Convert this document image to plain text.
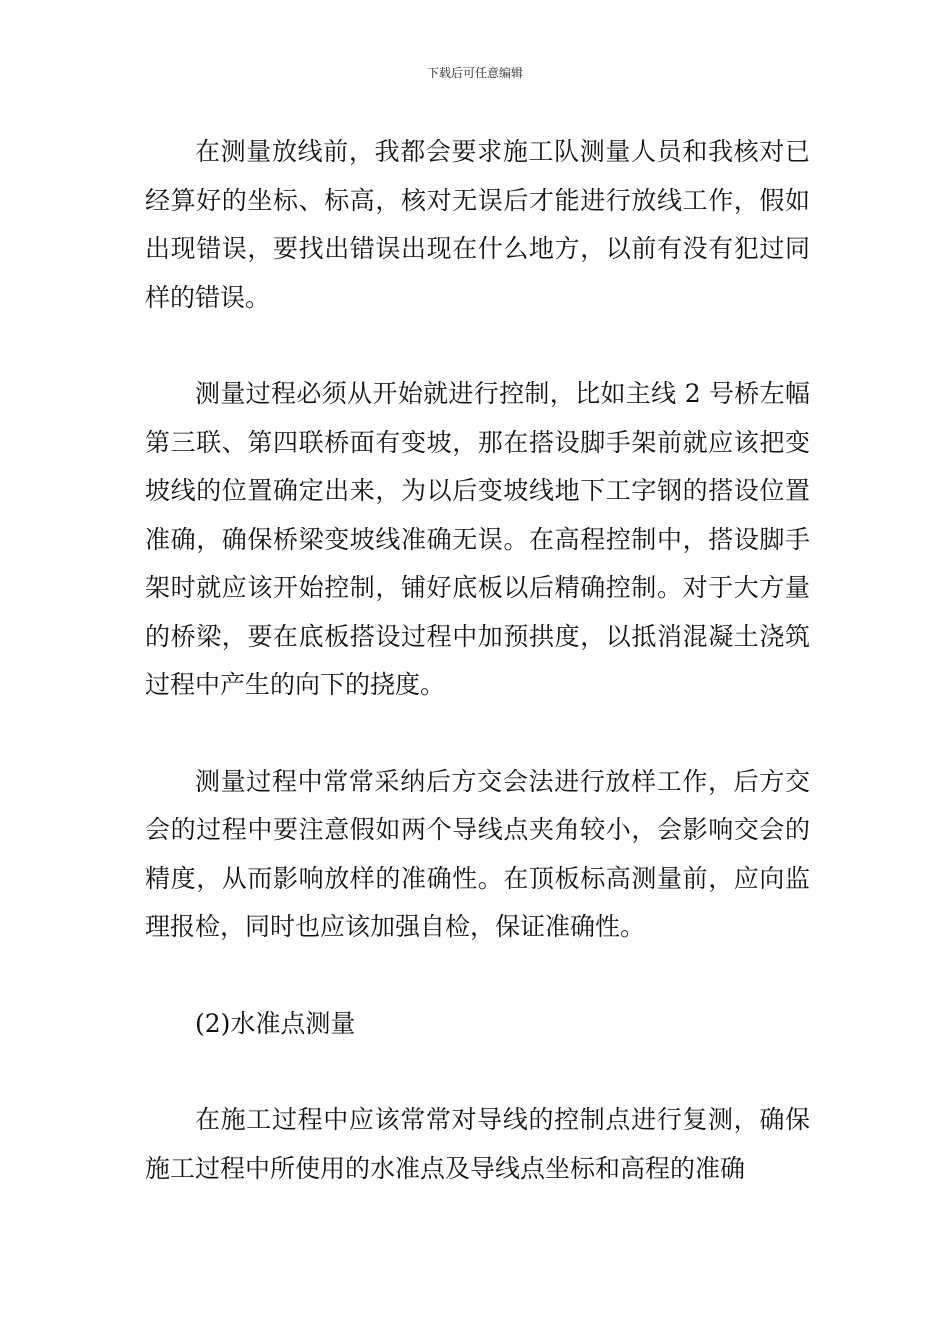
下载后可任意编辑

在测量放线前，我都会要求施工队测量人员和我核对已经算好的坐标、标高，核对无误后才能进行放线工作，假如出现错误，要找出错误出现在什么地方，以前有没有犯过同样的错误。

测量过程必须从开始就进行控制，比如主线 2 号桥左幅第三联、第四联桥面有变坡，那在搭设脚手架前就应该把变坡线的位置确定出来，为以后变坡线地下工字钢的搭设位置准确，确保桥梁变坡线准确无误。在高程控制中，搭设脚手架时就应该开始控制，铺好底板以后精确控制。对于大方量的桥梁，要在底板搭设过程中加预拱度，以抵消混凝土浇筑过程中产生的向下的挠度。

测量过程中常常采纳后方交会法进行放样工作，后方交会的过程中要注意假如两个导线点夹角较小，会影响交会的精度，从而影响放样的准确性。在顶板标高测量前，应向监理报检，同时也应该加强自检，保证准确性。

(2)水准点测量

在施工过程中应该常常对导线的控制点进行复测，确保施工过程中所使用的水准点及导线点坐标和高程的准确
